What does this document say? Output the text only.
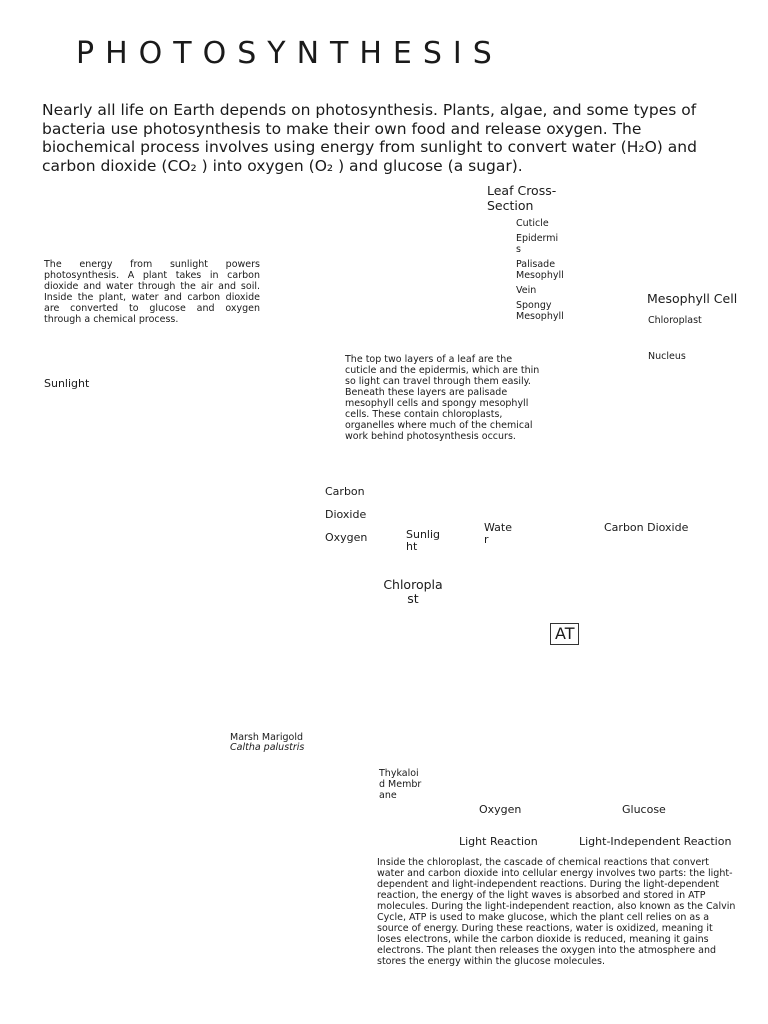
PHOTOSYNTHESIS
Nearly all life on Earth depends on photosynthesis. Plants, algae, and some types of bacteria use photosynthesis to make their own food and release oxygen. The biochemical process involves using energy from sunlight to convert water (H₂O) and carbon dioxide (CO₂ ) into oxygen (O₂ ) and glucose (a sugar).
The energy from sunlight powers photosynthesis. A plant takes in carbon dioxide and water through the air and soil. Inside the plant, water and carbon dioxide are converted to glucose and oxygen through a chemical process.
Sunlight
Leaf Cross-Section
Cuticle
Epidermis
Palisade Mesophyll
Vein
Spongy Mesophyll
Mesophyll Cell
Chloroplast
Nucleus
The top two layers of a leaf are the cuticle and the epidermis, which are thin so light can travel through them easily. Beneath these layers are palisade mesophyll cells and spongy mesophyll cells. These contain chloroplasts, organelles where much of the chemical work behind photosynthesis occurs.
Carbon
Dioxide
Oxygen	Sunlight
Water
Carbon Dioxide
Chloroplast
AT
Marsh Marigold
Caltha palustris
Thykaloid Membrane
Oxygen	Glucose
Light Reaction	Light-Independent Reaction
Inside the chloroplast, the cascade of chemical reactions that convert water and carbon dioxide into cellular energy involves two parts: the light-dependent and light-independent reactions. During the light-dependent reaction, the energy of the light waves is absorbed and stored in ATP molecules. During the light-independent reaction, also known as the Calvin Cycle, ATP is used to make glucose, which the plant cell relies on as a source of energy. During these reactions, water is oxidized, meaning it loses electrons, while the carbon dioxide is reduced, meaning it gains electrons. The plant then releases the oxygen into the atmosphere and stores the energy within the glucose molecules.
